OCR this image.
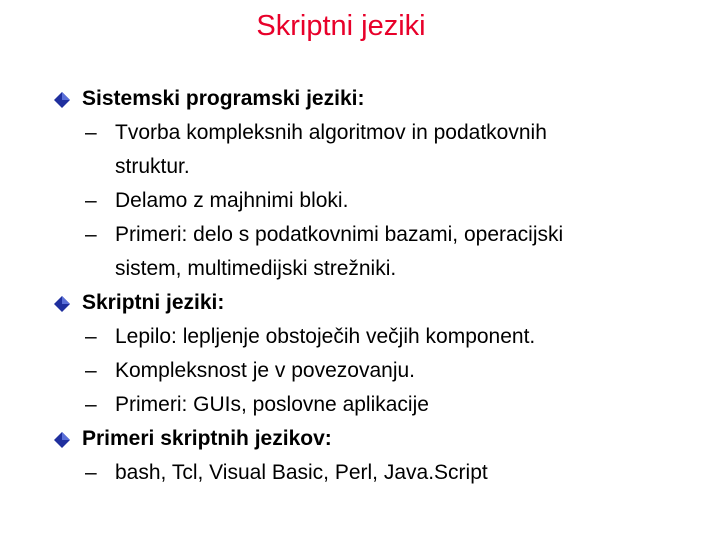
Skriptni jeziki
Sistemski programski jeziki:
– Tvorba kompleksnih algoritmov in podatkovnih
struktur.
– Delamo z majhnimi bloki.
– Primeri: delo s podatkovnimi bazami, operacijski
sistem, multimedijski strežniki.
Skriptni jeziki:
– Lepilo: lepljenje obstoječih večjih komponent.
– Kompleksnost je v povezovanju.
– Primeri: GUIs, poslovne aplikacije
Primeri skriptnih jezikov:
– bash, Tcl, Visual Basic, Perl, Java.Script
